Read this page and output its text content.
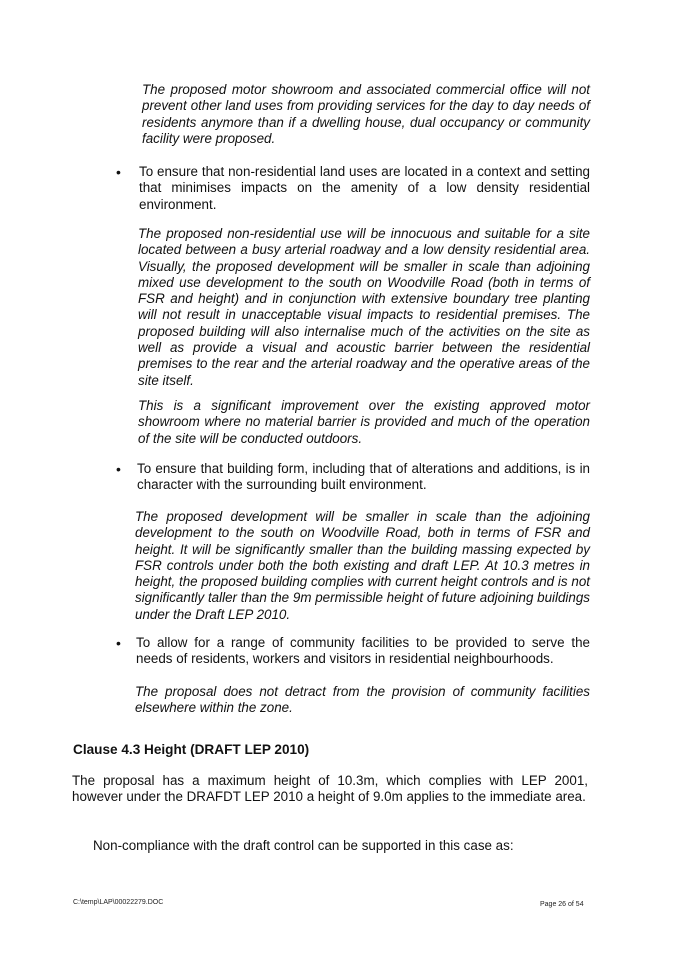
The proposed motor showroom and associated commercial office will not prevent other land uses from providing services for the day to day needs of residents anymore than if a dwelling house, dual occupancy or community facility were proposed.
• To ensure that non-residential land uses are located in a context and setting that minimises impacts on the amenity of a low density residential environment.
The proposed non-residential use will be innocuous and suitable for a site located between a busy arterial roadway and a low density residential area. Visually, the proposed development will be smaller in scale than adjoining mixed use development to the south on Woodville Road (both in terms of FSR and height) and in conjunction with extensive boundary tree planting will not result in unacceptable visual impacts to residential premises. The proposed building will also internalise much of the activities on the site as well as provide a visual and acoustic barrier between the residential premises to the rear and the arterial roadway and the operative areas of the site itself.
This is a significant improvement over the existing approved motor showroom where no material barrier is provided and much of the operation of the site will be conducted outdoors.
• To ensure that building form, including that of alterations and additions, is in character with the surrounding built environment.
The proposed development will be smaller in scale than the adjoining development to the south on Woodville Road, both in terms of FSR and height. It will be significantly smaller than the building massing expected by FSR controls under both the both existing and draft LEP. At 10.3 metres in height, the proposed building complies with current height controls and is not significantly taller than the 9m permissible height of future adjoining buildings under the Draft LEP 2010.
• To allow for a range of community facilities to be provided to serve the needs of residents, workers and visitors in residential neighbourhoods.
The proposal does not detract from the provision of community facilities elsewhere within the zone.
Clause 4.3 Height (DRAFT LEP 2010)
The proposal has a maximum height of 10.3m, which complies with LEP 2001, however under the DRAFDT LEP 2010 a height of 9.0m applies to the immediate area.
Non-compliance with the draft control can be supported in this case as:
C:\temp\LAP\00022279.DOC	Page 26 of 54
